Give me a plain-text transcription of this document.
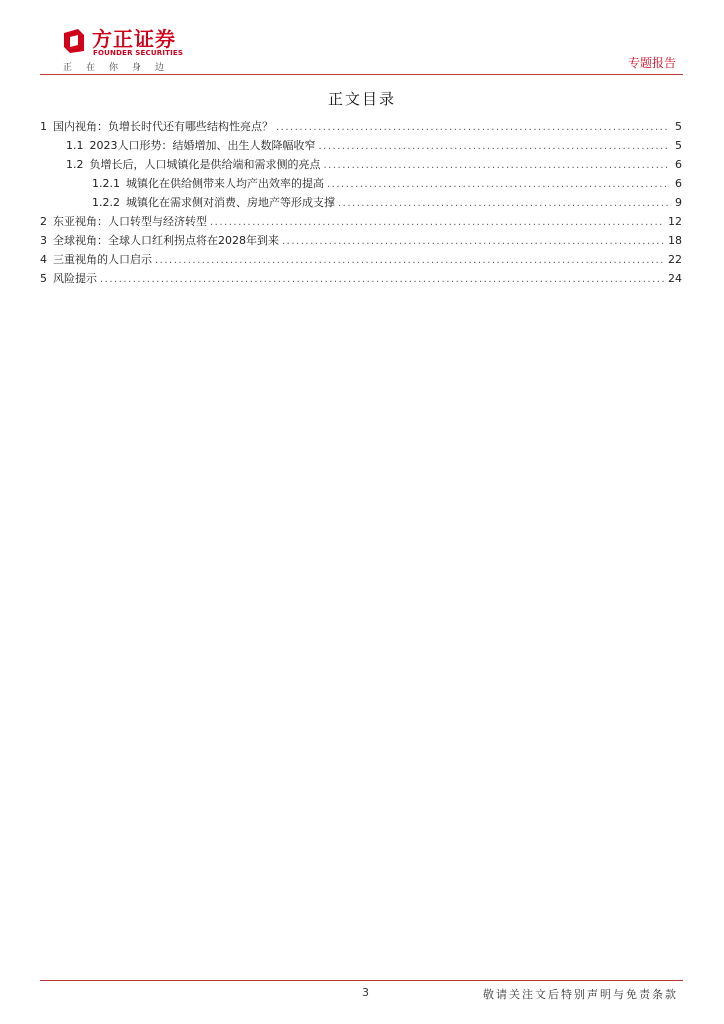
方正证券
FOUNDER SECURITIES
正在你身边	专题报告
正文目录
1 国内视角：负增长时代还有哪些结构性亮点？ .....	5
1.1 2023人口形势：结婚增加、出生人数降幅收窄 .....	5
1.2 负增长后，人口城镇化是供给端和需求侧的亮点 .....	6
1.2.1 城镇化在供给侧带来人均产出效率的提高 .....	6
1.2.2 城镇化在需求侧对消费、房地产等形成支撑 .....	9
2 东亚视角：人口转型与经济转型 .....	12
3 全球视角：全球人口红利拐点将在2028年到来 .....	18
4 三重视角的人口启示 .....	22
5 风险提示 .....	24
3	敬请关注文后特别声明与免责条款
